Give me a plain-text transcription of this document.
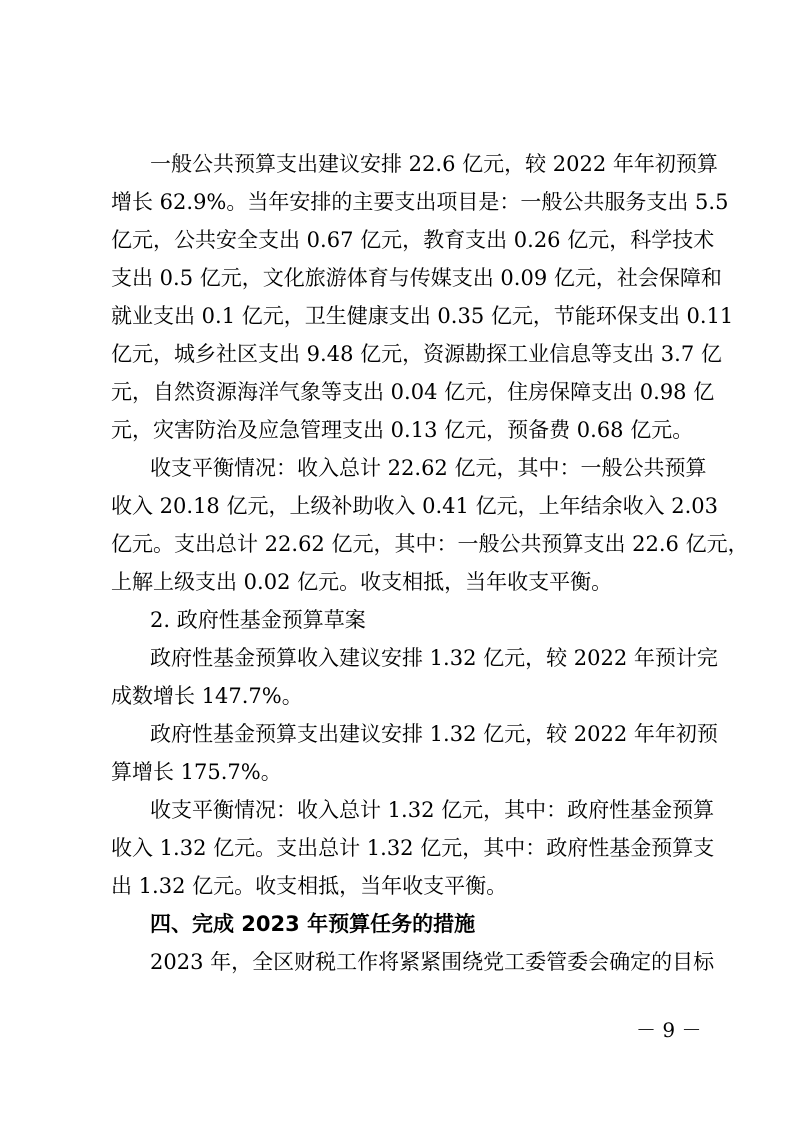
一般公共预算支出建议安排 22.6 亿元，较 2022 年年初预算
增长 62.9%。当年安排的主要支出项目是：一般公共服务支出 5.5
亿元，公共安全支出 0.67 亿元，教育支出 0.26 亿元，科学技术
支出 0.5 亿元，文化旅游体育与传媒支出 0.09 亿元，社会保障和
就业支出 0.1 亿元，卫生健康支出 0.35 亿元，节能环保支出 0.11
亿元，城乡社区支出 9.48 亿元，资源勘探工业信息等支出 3.7 亿
元，自然资源海洋气象等支出 0.04 亿元，住房保障支出 0.98 亿
元，灾害防治及应急管理支出 0.13 亿元，预备费 0.68 亿元。
收支平衡情况：收入总计 22.62 亿元，其中：一般公共预算
收入 20.18 亿元，上级补助收入 0.41 亿元，上年结余收入 2.03
亿元。支出总计 22.62 亿元，其中：一般公共预算支出 22.6 亿元，
上解上级支出 0.02 亿元。收支相抵，当年收支平衡。
2. 政府性基金预算草案
政府性基金预算收入建议安排 1.32 亿元，较 2022 年预计完
成数增长 147.7%。
政府性基金预算支出建议安排 1.32 亿元，较 2022 年年初预
算增长 175.7%。
收支平衡情况：收入总计 1.32 亿元，其中：政府性基金预算
收入 1.32 亿元。支出总计 1.32 亿元，其中：政府性基金预算支
出 1.32 亿元。收支相抵，当年收支平衡。
四、完成 2023 年预算任务的措施
2023 年，全区财税工作将紧紧围绕党工委管委会确定的目标
－ 9 －
